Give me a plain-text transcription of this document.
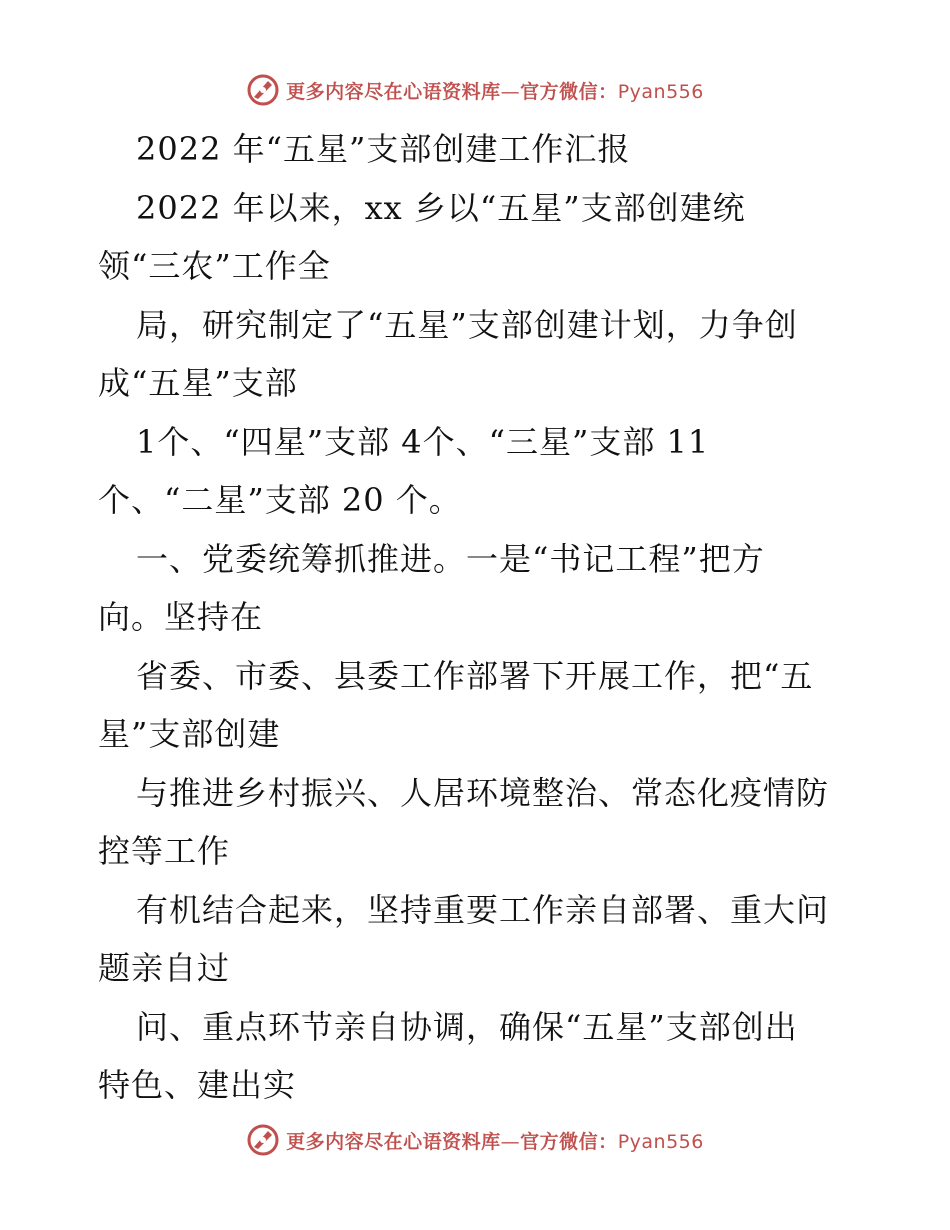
更多内容尽在心语资料库—官方微信：Pyan556
2022 年“五星”支部创建工作汇报
2022 年以来，xx 乡以“五星”支部创建统
领“三农”工作全
局，研究制定了“五星”支部创建计划，力争创
成“五星”支部
1个、“四星”支部 4个、“三星”支部 11
个、“二星”支部 20 个。
一、党委统筹抓推进。一是“书记工程”把方
向。坚持在
省委、市委、县委工作部署下开展工作，把“五
星”支部创建
与推进乡村振兴、人居环境整治、常态化疫情防
控等工作
有机结合起来，坚持重要工作亲自部署、重大问
题亲自过
问、重点环节亲自协调，确保“五星”支部创出
特色、建出实
更多内容尽在心语资料库—官方微信：Pyan556
